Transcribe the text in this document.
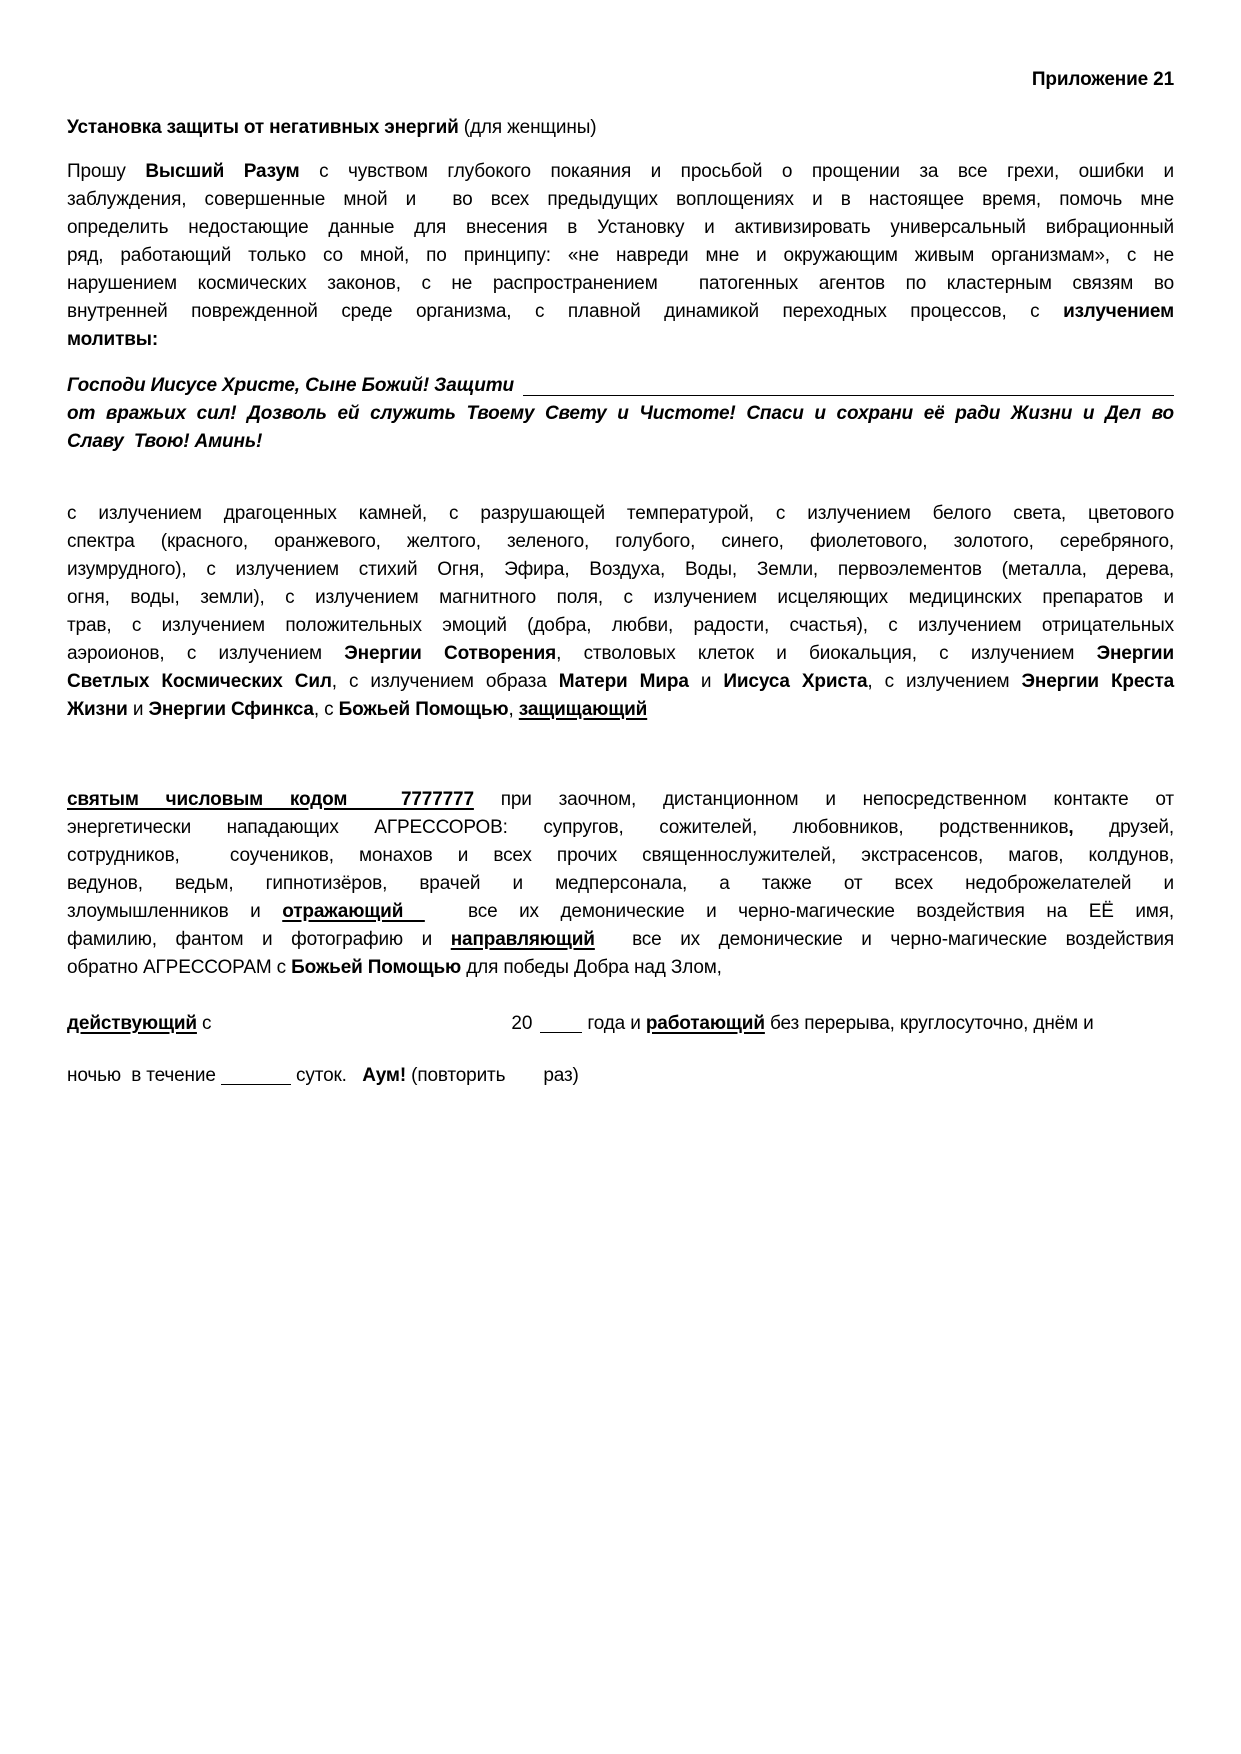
Приложение 21
Установка защиты от негативных энергий (для женщины)
Прошу Высший Разум с чувством глубокого покаяния и просьбой о прощении за все грехи, ошибки и
заблуждения, совершенные мной и  во всех предыдущих воплощениях и в настоящее время, помочь мне
определить недостающие данные для внесения в Установку и активизировать универсальный вибрационный
ряд, работающий только со мной, по принципу: «не навреди мне и окружающим живым организмам», с не
нарушением космических законов, с не распространением  патогенных агентов по кластерным связям во
внутренней поврежденной среде организма, с плавной динамикой переходных процессов, с излучением
молитвы:
Господи Иисусе Христе, Сыне Божий! Защити
от вражьих сил! Дозволь ей служить Твоему Свету и Чистоте! Спаси и сохрани её ради Жизни и Дел во
Славу  Твою! Аминь!
с излучением драгоценных камней, с разрушающей температурой, с излучением белого света, цветового
спектра (красного, оранжевого, желтого, зеленого, голубого, синего, фиолетового, золотого, серебряного,
изумрудного), с излучением стихий Огня, Эфира, Воздуха, Воды, Земли, первоэлементов (металла, дерева,
огня, воды, земли), с излучением магнитного поля, с излучением исцеляющих медицинских препаратов и
трав, с излучением положительных эмоций (добра, любви, радости, счастья), с излучением отрицательных
аэроионов, с излучением Энергии Сотворения, стволовых клеток и биокальция, с излучением Энергии
Светлых Космических Сил, с излучением образа Матери Мира и Иисуса Христа, с излучением Энергии Креста
Жизни и Энергии Сфинкса, с Божьей Помощью, защищающий
святым числовым кодом  7777777 при заочном, дистанционном и непосредственном контакте от
энергетически нападающих АГРЕССОРОВ: супругов, сожителей, любовников, родственников, друзей,
сотрудников,  соучеников, монахов и всех прочих священнослужителей, экстрасенсов, магов, колдунов,
ведунов, ведьм, гипнотизёров, врачей и медперсонала, а также от всех недоброжелателей и
злоумышленников и отражающий   все их демонические и черно-магические воздействия на ЕЁ имя,
фамилию, фантом и фотографию и направляющий  все их демонические и черно-магические воздействия
обратно АГРЕССОРАМ с Божьей Помощью для победы Добра над Злом,
действующий с	20	года и работающий без перерыва, круглосуточно, днём и
ночью  в течение	суток.   Аум! (повторить раз)
